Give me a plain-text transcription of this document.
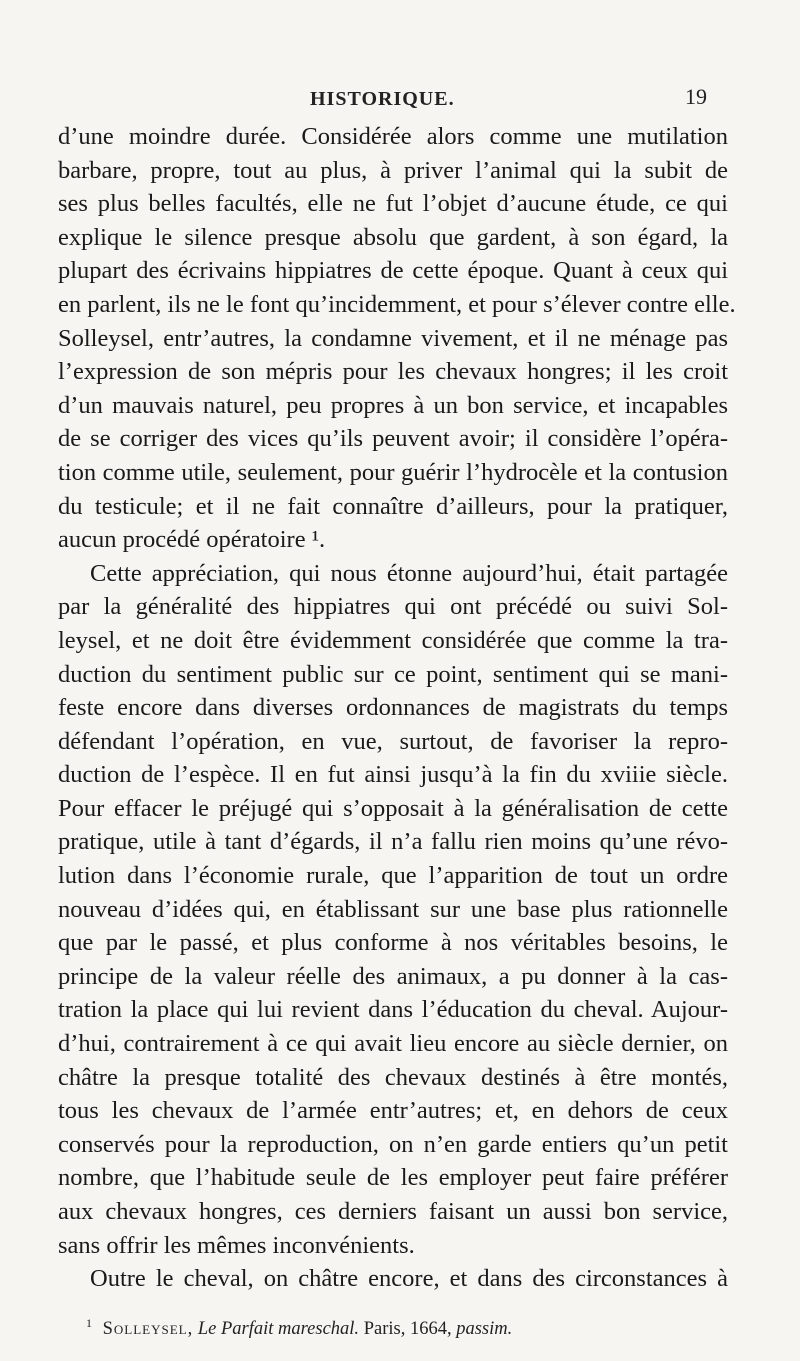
HISTORIQUE.	19
d’une moindre durée. Considérée alors comme une mutilation
barbare, propre, tout au plus, à priver l’animal qui la subit de
ses plus belles facultés, elle ne fut l’objet d’aucune étude, ce qui
explique le silence presque absolu que gardent, à son égard, la
plupart des écrivains hippiatres de cette époque. Quant à ceux qui
en parlent, ils ne le font qu’incidemment, et pour s’élever contre elle.
Solleysel, entr’autres, la condamne vivement, et il ne ménage pas
l’expression de son mépris pour les chevaux hongres; il les croit
d’un mauvais naturel, peu propres à un bon service, et incapables
de se corriger des vices qu’ils peuvent avoir; il considère l’opéra-
tion comme utile, seulement, pour guérir l’hydrocèle et la contusion
du testicule; et il ne fait connaître d’ailleurs, pour la pratiquer,
aucun procédé opératoire ¹.
Cette appréciation, qui nous étonne aujourd’hui, était partagée
par la généralité des hippiatres qui ont précédé ou suivi Sol-
leysel, et ne doit être évidemment considérée que comme la tra-
duction du sentiment public sur ce point, sentiment qui se mani-
feste encore dans diverses ordonnances de magistrats du temps
défendant l’opération, en vue, surtout, de favoriser la repro-
duction de l’espèce. Il en fut ainsi jusqu’à la fin du xviiie siècle.
Pour effacer le préjugé qui s’opposait à la généralisation de cette
pratique, utile à tant d’égards, il n’a fallu rien moins qu’une révo-
lution dans l’économie rurale, que l’apparition de tout un ordre
nouveau d’idées qui, en établissant sur une base plus rationnelle
que par le passé, et plus conforme à nos véritables besoins, le
principe de la valeur réelle des animaux, a pu donner à la cas-
tration la place qui lui revient dans l’éducation du cheval. Aujour-
d’hui, contrairement à ce qui avait lieu encore au siècle dernier, on
châtre la presque totalité des chevaux destinés à être montés,
tous les chevaux de l’armée entr’autres; et, en dehors de ceux
conservés pour la reproduction, on n’en garde entiers qu’un petit
nombre, que l’habitude seule de les employer peut faire préférer
aux chevaux hongres, ces derniers faisant un aussi bon service,
sans offrir les mêmes inconvénients.
Outre le cheval, on châtre encore, et dans des circonstances à
$^1$ Solleysel, Le Parfait mareschal. Paris, 1664, passim.
